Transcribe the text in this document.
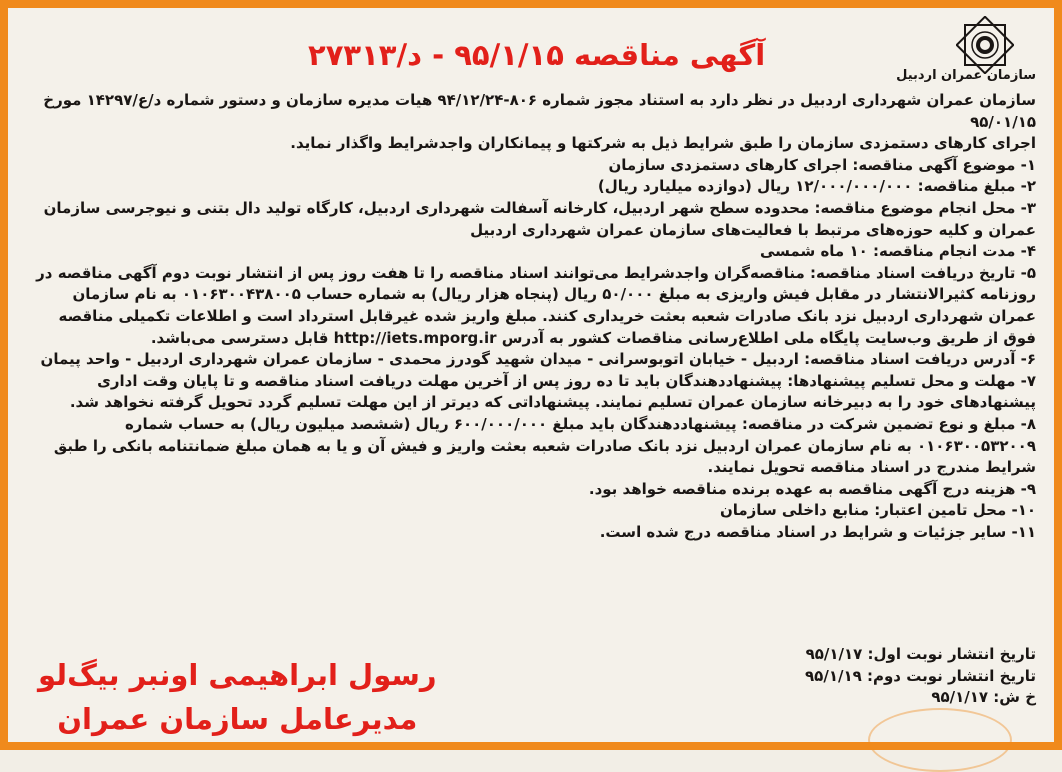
آگهی مناقصه ۹۵/۱/۱۵ - د/۲۷۳۱۳
سازمان عمران اردبیل

سازمان عمران شهرداری اردبیل در نظر دارد به استناد مجوز شماره ۸۰۶-۹۴/۱۲/۲۴ هیات مدیره سازمان و دستور شماره د/ع/۱۴۲۹۷ مورخ ۹۵/۰۱/۱۵

اجرای کارهای دستمزدی سازمان را طبق شرایط ذیل به شرکتها و پیمانکاران واجدشرایط واگذار نماید.

۱- موضوع آگهی مناقصه: اجرای کارهای دستمزدی سازمان

۲- مبلغ مناقصه: ۱۲/۰۰۰/۰۰۰/۰۰۰ ریال (دوازده میلیارد ریال)

۳- محل انجام موضوع مناقصه: محدوده سطح شهر اردبیل، کارخانه آسفالت شهرداری اردبیل، کارگاه تولید دال بتنی و نیوجرسی سازمان عمران و کلیه حوزه‌های مرتبط با فعالیت‌های سازمان عمران شهرداری اردبیل

۴- مدت انجام مناقصه: ۱۰ ماه شمسی

۵- تاریخ دریافت اسناد مناقصه: مناقصه‌گران واجدشرایط می‌توانند اسناد مناقصه را تا هفت روز پس از انتشار نوبت دوم آگهی مناقصه در روزنامه کثیرالانتشار در مقابل فیش واریزی به مبلغ ۵۰/۰۰۰ ریال (پنجاه هزار ریال) به شماره حساب ۰۱۰۶۳۰۰۴۳۸۰۰۵ به نام سازمان عمران شهرداری اردبیل نزد بانک صادرات شعبه بعثت خریداری کنند. مبلغ واریز شده غیرقابل استرداد است و اطلاعات تکمیلی مناقصه فوق از طریق وب‌سایت پایگاه ملی اطلاع‌رسانی مناقصات کشور به آدرس http://iets.mporg.ir قابل دسترسی می‌باشد.

۶- آدرس دریافت اسناد مناقصه: اردبیل - خیابان اتوبوسرانی - میدان شهید گودرز محمدی - سازمان عمران شهرداری اردبیل - واحد پیمان

۷- مهلت و محل تسلیم پیشنهادها: پیشنهاددهندگان باید تا ده روز پس از آخرین مهلت دریافت اسناد مناقصه و تا پایان وقت اداری پیشنهادهای خود را به دبیرخانه سازمان عمران تسلیم نمایند. پیشنهاداتی که دیرتر از این مهلت تسلیم گردد تحویل گرفته نخواهد شد.

۸- مبلغ و نوع تضمین شرکت در مناقصه: پیشنهاددهندگان باید مبلغ ۶۰۰/۰۰۰/۰۰۰ ریال (ششصد میلیون ریال) به حساب شماره ۰۱۰۶۳۰۰۵۳۲۰۰۹ به نام سازمان عمران اردبیل نزد بانک صادرات شعبه بعثت واریز و فیش آن و یا به همان مبلغ ضمانتنامه بانکی را طبق شرایط مندرج در اسناد مناقصه تحویل نمایند.

۹- هزینه درج آگهی مناقصه به عهده برنده مناقصه خواهد بود.

۱۰- محل تامین اعتبار: منابع داخلی سازمان

۱۱- سایر جزئیات و شرایط در اسناد مناقصه درج شده است.

تاریخ انتشار نوبت اول: ۹۵/۱/۱۷
تاریخ انتشار نوبت دوم: ۹۵/۱/۱۹
خ ش: ۹۵/۱/۱۷
رسول ابراهیمی اونبر بیگ‌لو
مدیرعامل سازمان عمران
